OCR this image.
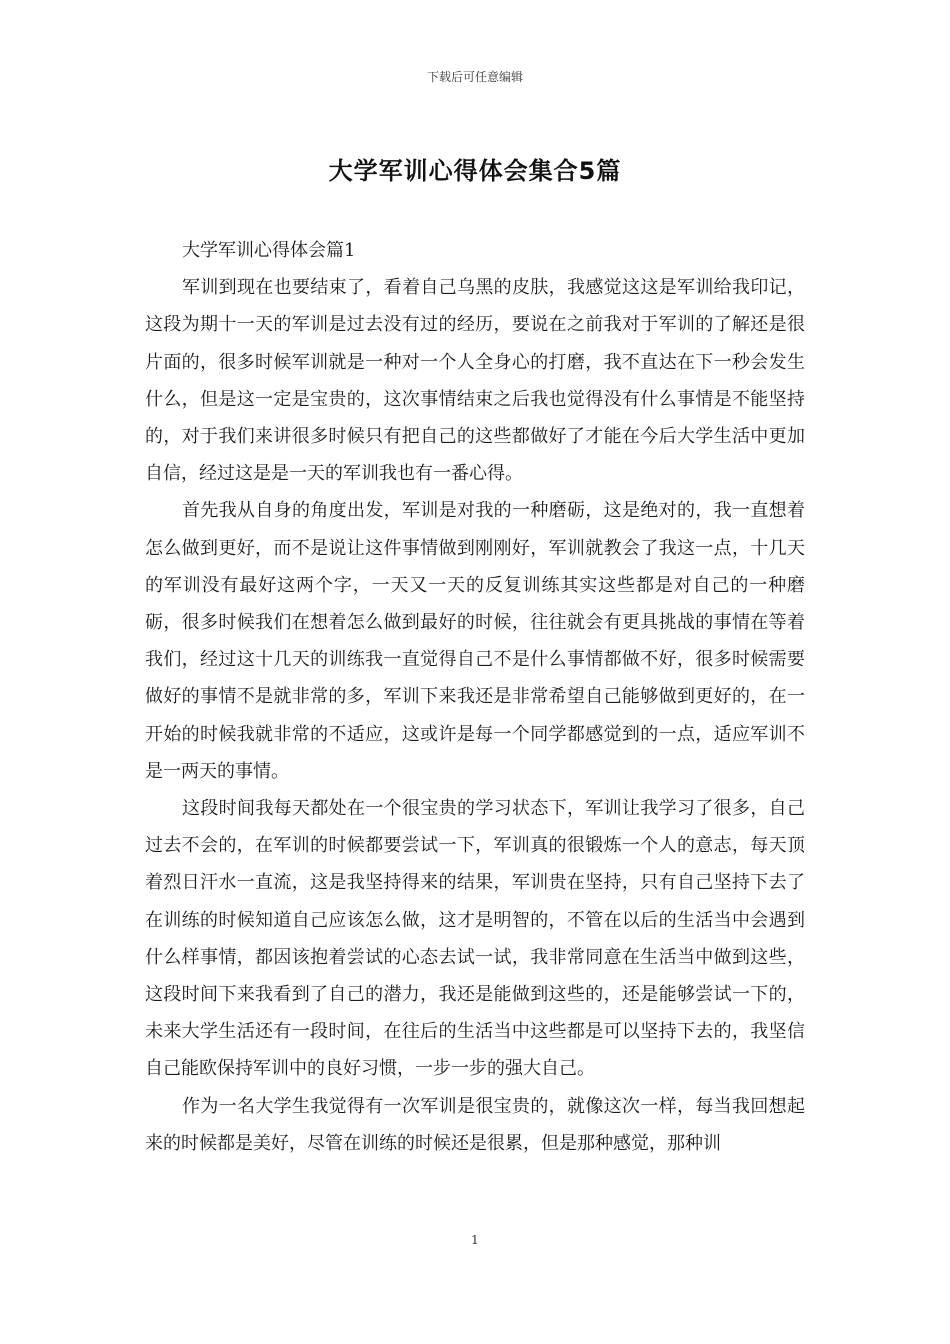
下载后可任意编辑
大学军训心得体会集合5篇

大学军训心得体会篇1

军训到现在也要结束了，看着自己乌黑的皮肤，我感觉这这是军训给我印记，这段为期十一天的军训是过去没有过的经历，要说在之前我对于军训的了解还是很片面的，很多时候军训就是一种对一个人全身心的打磨，我不直达在下一秒会发生什么，但是这一定是宝贵的，这次事情结束之后我也觉得没有什么事情是不能坚持的，对于我们来讲很多时候只有把自己的这些都做好了才能在今后大学生活中更加自信，经过这是是一天的军训我也有一番心得。

首先我从自身的角度出发，军训是对我的一种磨砺，这是绝对的，我一直想着怎么做到更好，而不是说让这件事情做到刚刚好，军训就教会了我这一点，十几天的军训没有最好这两个字，一天又一天的反复训练其实这些都是对自己的一种磨砺，很多时候我们在想着怎么做到最好的时候，往往就会有更具挑战的事情在等着我们，经过这十几天的训练我一直觉得自己不是什么事情都做不好，很多时候需要做好的事情不是就非常的多，军训下来我还是非常希望自己能够做到更好的，在一开始的时候我就非常的不适应，这或许是每一个同学都感觉到的一点，适应军训不是一两天的事情。

这段时间我每天都处在一个很宝贵的学习状态下，军训让我学习了很多，自己过去不会的，在军训的时候都要尝试一下，军训真的很锻炼一个人的意志，每天顶着烈日汗水一直流，这是我坚持得来的结果，军训贵在坚持，只有自己坚持下去了在训练的时候知道自己应该怎么做，这才是明智的，不管在以后的生活当中会遇到什么样事情，都因该抱着尝试的心态去试一试，我非常同意在生活当中做到这些，这段时间下来我看到了自己的潜力，我还是能做到这些的，还是能够尝试一下的，未来大学生活还有一段时间，在往后的生活当中这些都是可以坚持下去的，我坚信自己能欧保持军训中的良好习惯，一步一步的强大自己。

作为一名大学生我觉得有一次军训是很宝贵的，就像这次一样，每当我回想起来的时候都是美好，尽管在训练的时候还是很累，但是那种感觉，那种训

1
